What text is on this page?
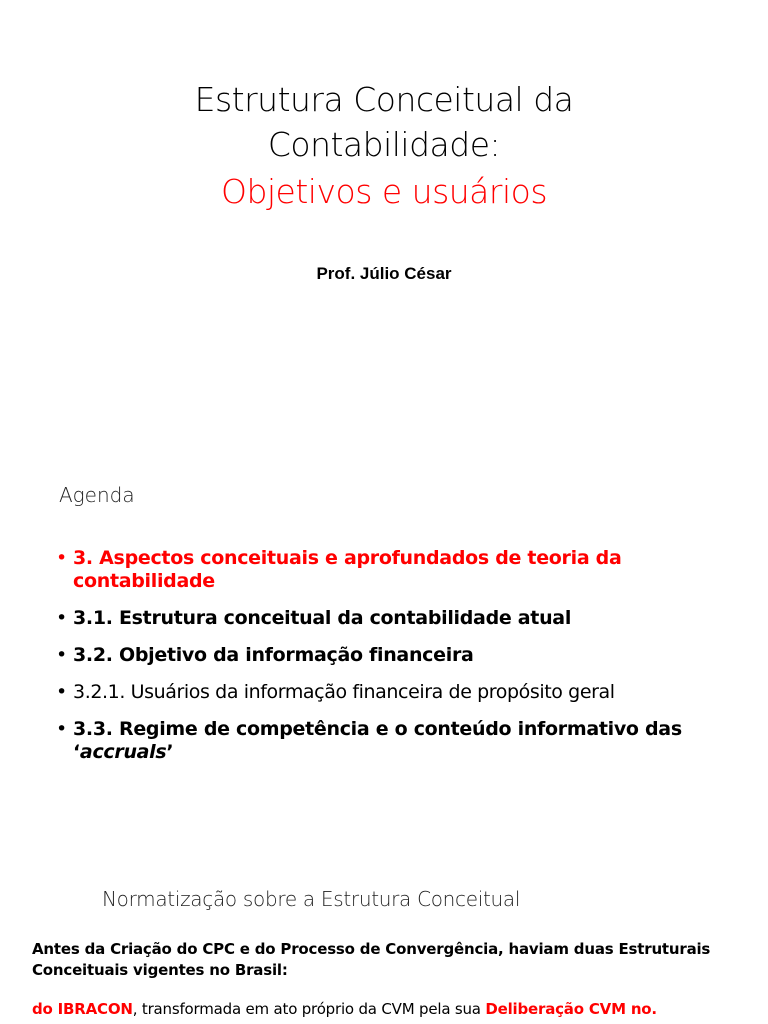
Estrutura Conceitual da
Contabilidade:
Objetivos e usuários
Prof. Júlio César
Agenda
• 3. Aspectos conceituais e aprofundados de teoria da contabilidade
• 3.1. Estrutura conceitual da contabilidade atual
• 3.2. Objetivo da informação financeira
• 3.2.1. Usuários da informação financeira de propósito geral
• 3.3. Regime de competência e o conteúdo informativo das ‘accruals’
Normatização sobre a Estrutura Conceitual
Antes da Criação do CPC e do Processo de Convergência, haviam duas Estruturais Conceituais vigentes no Brasil:
do IBRACON, transformada em ato próprio da CVM pela sua Deliberação CVM no.
